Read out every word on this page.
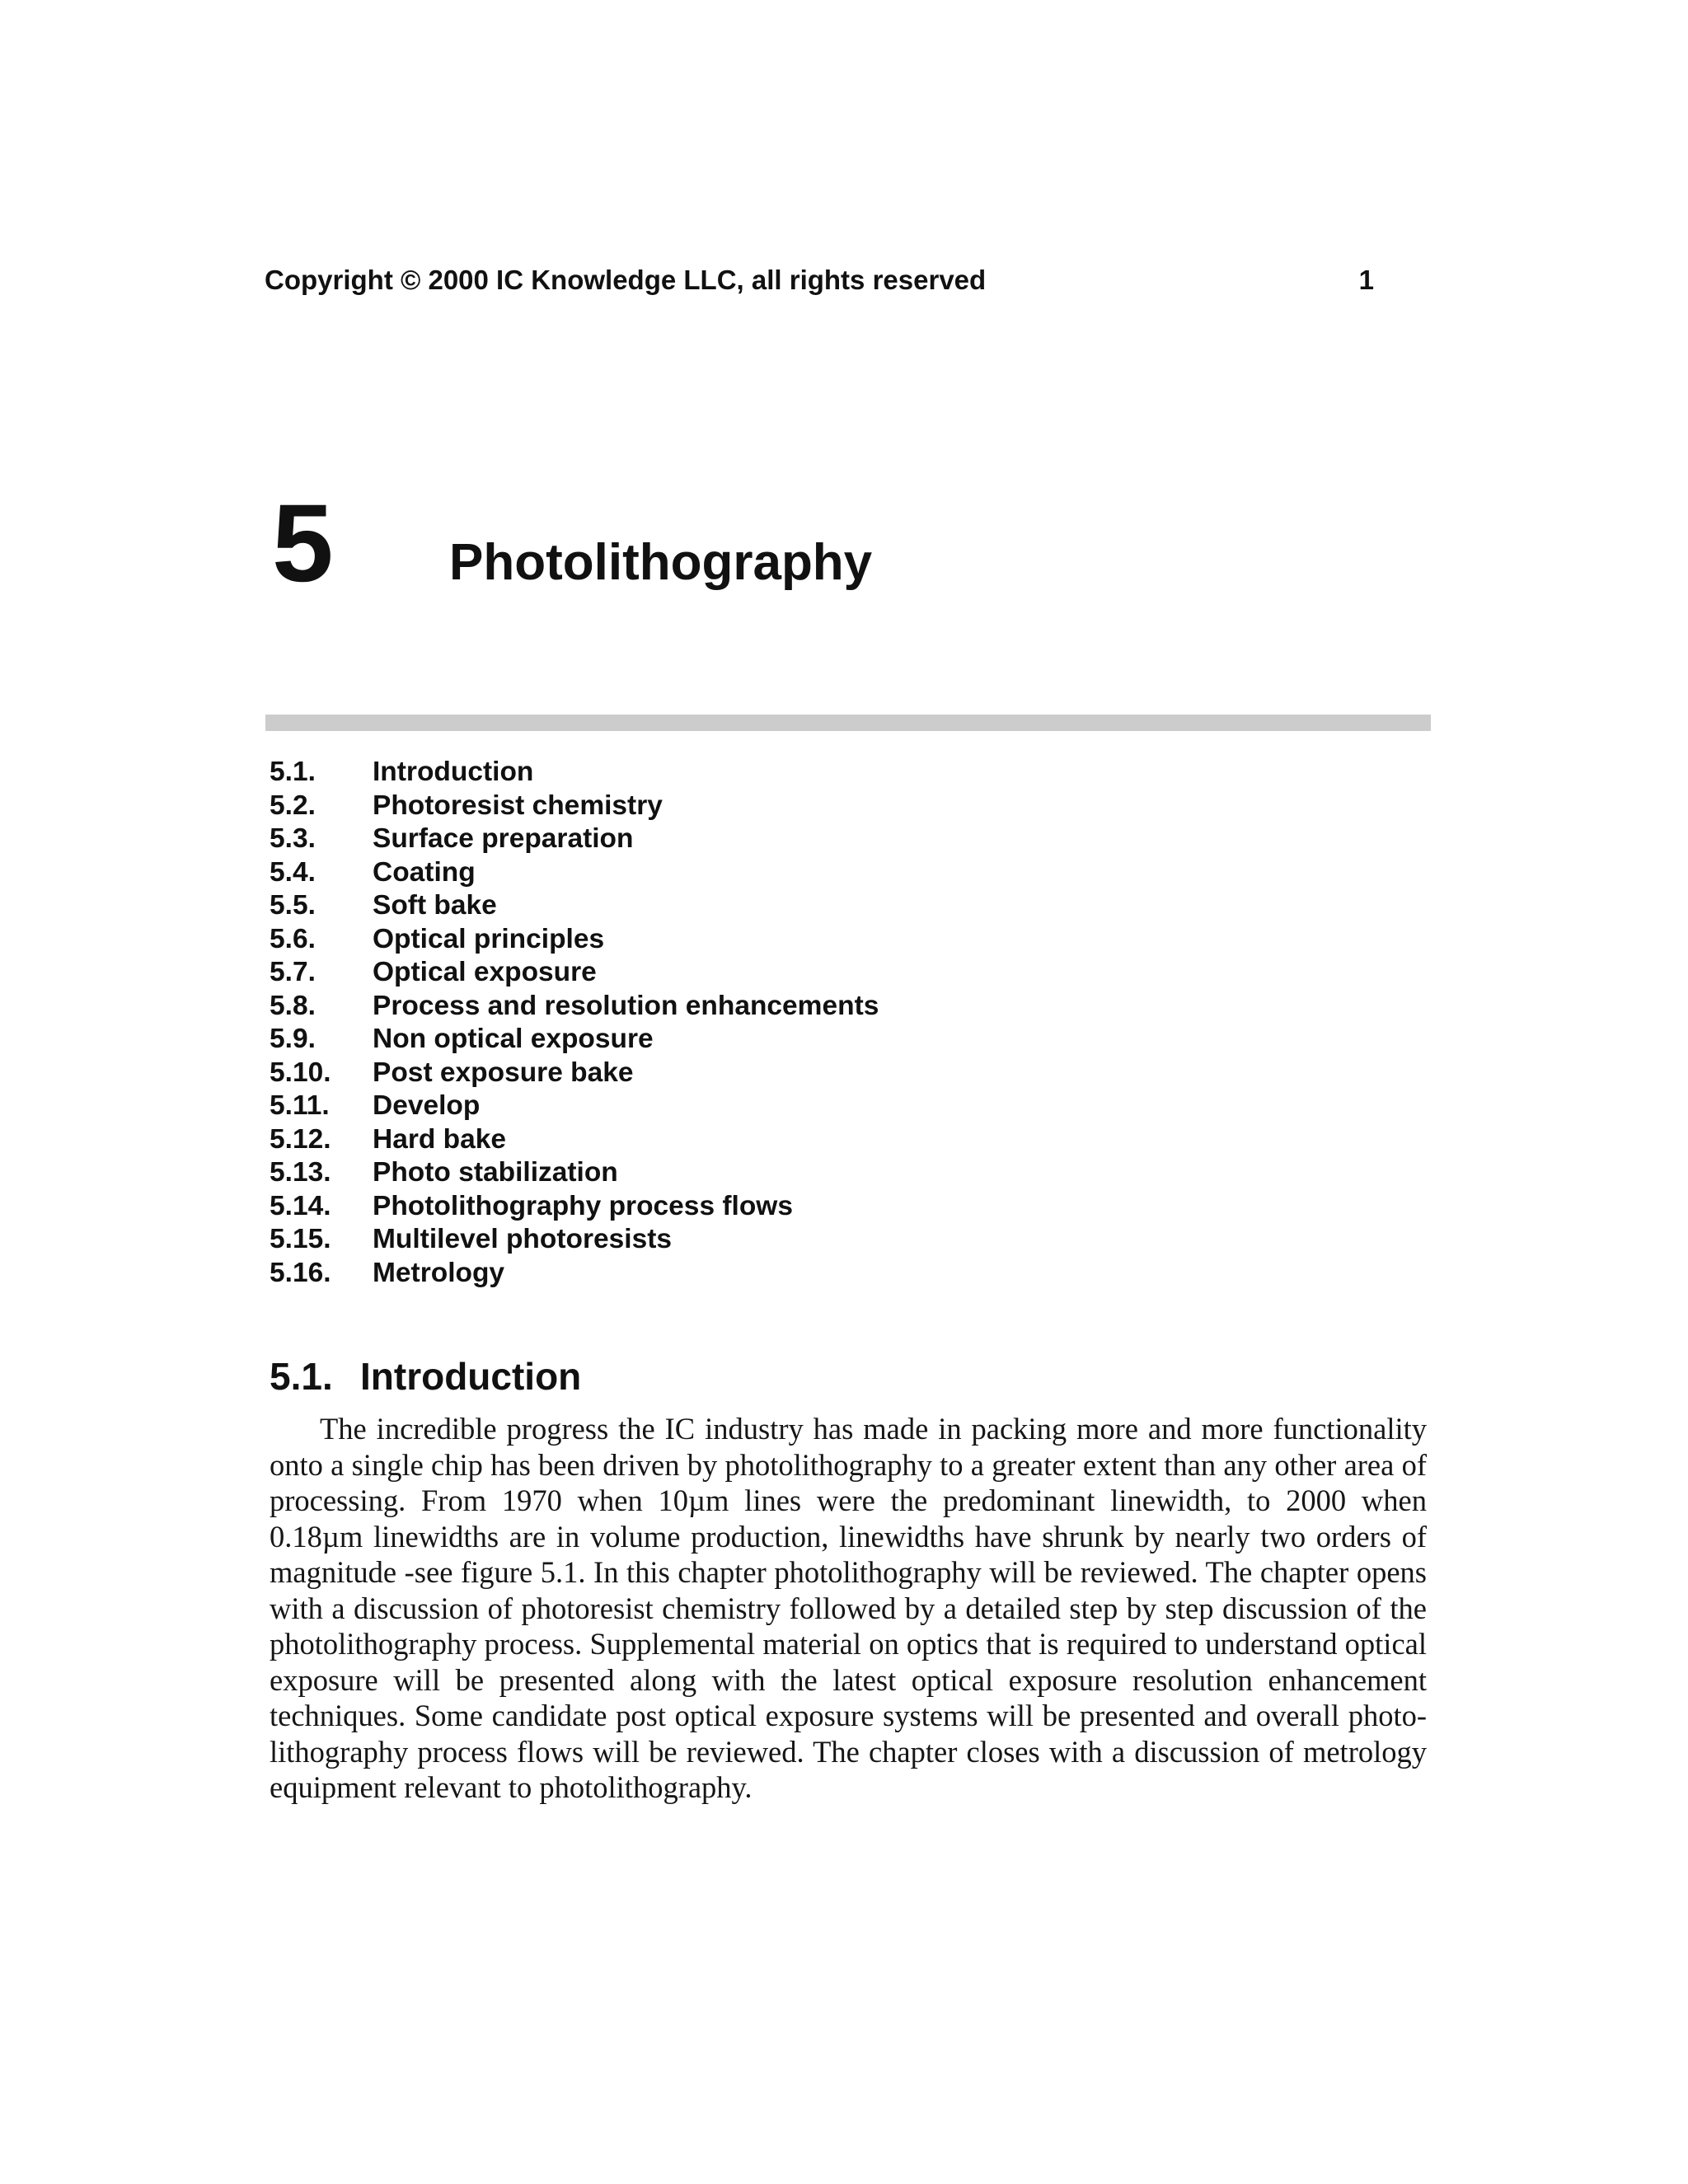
Copyright © 2000 IC Knowledge LLC, all rights reserved	1
5 Photolithography
5.1. Introduction
5.2. Photoresist chemistry
5.3. Surface preparation
5.4. Coating
5.5. Soft bake
5.6. Optical principles
5.7. Optical exposure
5.8. Process and resolution enhancements
5.9. Non optical exposure
5.10. Post exposure bake
5.11. Develop
5.12. Hard bake
5.13. Photo stabilization
5.14. Photolithography process flows
5.15. Multilevel photoresists
5.16. Metrology
5.1. Introduction

The incredible progress the IC industry has made in packing more and more functionality onto a single chip has been driven by photolithography to a greater extent than any other area of processing. From 1970 when 10µm lines were the predominant linewidth, to 2000 when 0.18µm linewidths are in volume production, linewidths have shrunk by nearly two orders of magnitude -see figure 5.1. In this chapter photolithography will be reviewed. The chapter opens with a discussion of photoresist chemistry followed by a detailed step by step discussion of the photolithography process. Supplemental material on optics that is required to understand optical exposure will be presented along with the latest optical exposure resolution enhancement techniques. Some candidate post optical exposure systems will be presented and overall photolithography process flows will be reviewed. The chapter closes with a discussion of metrology equipment relevant to photolithography.
